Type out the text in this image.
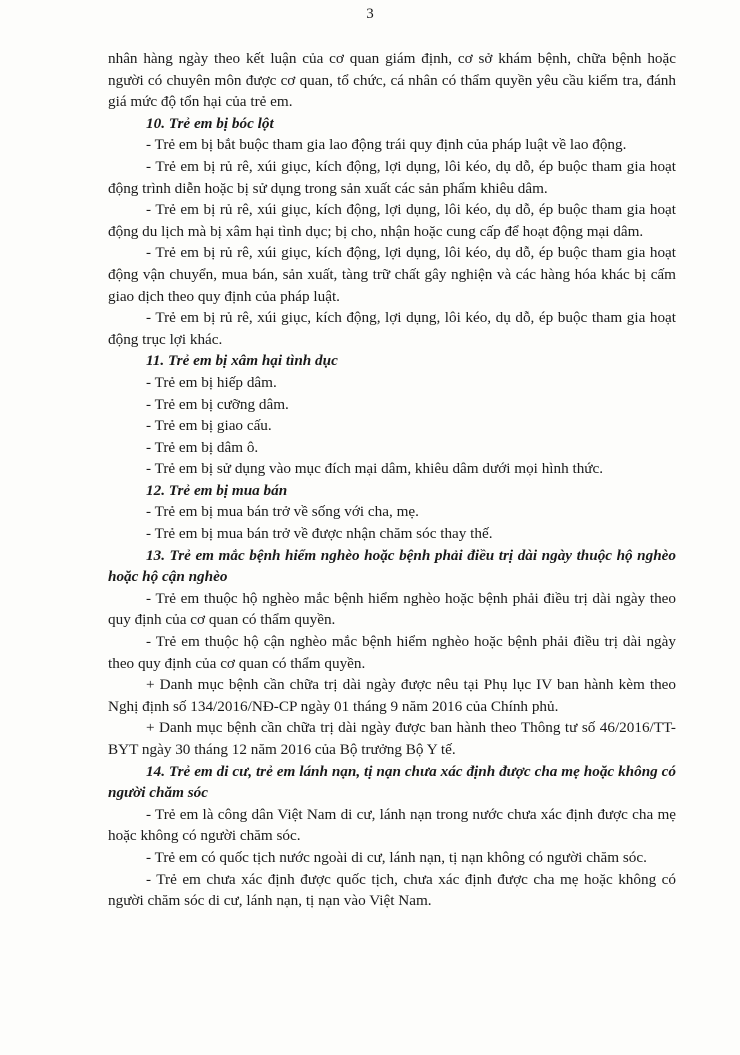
3

nhân hàng ngày theo kết luận của cơ quan giám định, cơ sở khám bệnh, chữa bệnh hoặc người có chuyên môn được cơ quan, tổ chức, cá nhân có thẩm quyền yêu cầu kiểm tra, đánh giá mức độ tổn hại của trẻ em.

10. Trẻ em bị bóc lột

- Trẻ em bị bắt buộc tham gia lao động trái quy định của pháp luật về lao động.

- Trẻ em bị rủ rê, xúi giục, kích động, lợi dụng, lôi kéo, dụ dỗ, ép buộc tham gia hoạt động trình diễn hoặc bị sử dụng trong sản xuất các sản phẩm khiêu dâm.

- Trẻ em bị rủ rê, xúi giục, kích động, lợi dụng, lôi kéo, dụ dỗ, ép buộc tham gia hoạt động du lịch mà bị xâm hại tình dục; bị cho, nhận hoặc cung cấp để hoạt động mại dâm.

- Trẻ em bị rủ rê, xúi giục, kích động, lợi dụng, lôi kéo, dụ dỗ, ép buộc tham gia hoạt động vận chuyển, mua bán, sản xuất, tàng trữ chất gây nghiện và các hàng hóa khác bị cấm giao dịch theo quy định của pháp luật.

- Trẻ em bị rủ rê, xúi giục, kích động, lợi dụng, lôi kéo, dụ dỗ, ép buộc tham gia hoạt động trục lợi khác.

11. Trẻ em bị xâm hại tình dục

- Trẻ em bị hiếp dâm.

- Trẻ em bị cưỡng dâm.

- Trẻ em bị giao cấu.

- Trẻ em bị dâm ô.

- Trẻ em bị sử dụng vào mục đích mại dâm, khiêu dâm dưới mọi hình thức.

12. Trẻ em bị mua bán

- Trẻ em bị mua bán trở về sống với cha, mẹ.

- Trẻ em bị mua bán trở về được nhận chăm sóc thay thế.

13. Trẻ em mắc bệnh hiểm nghèo hoặc bệnh phải điều trị dài ngày thuộc hộ nghèo hoặc hộ cận nghèo

- Trẻ em thuộc hộ nghèo mắc bệnh hiểm nghèo hoặc bệnh phải điều trị dài ngày theo quy định của cơ quan có thẩm quyền.

- Trẻ em thuộc hộ cận nghèo mắc bệnh hiểm nghèo hoặc bệnh phải điều trị dài ngày theo quy định của cơ quan có thẩm quyền.

+ Danh mục bệnh cần chữa trị dài ngày được nêu tại Phụ lục IV ban hành kèm theo Nghị định số 134/2016/NĐ-CP ngày 01 tháng 9 năm 2016 của Chính phủ.

+ Danh mục bệnh cần chữa trị dài ngày được ban hành theo Thông tư số 46/2016/TT-BYT ngày 30 tháng 12 năm 2016 của Bộ trưởng Bộ Y tế.

14. Trẻ em di cư, trẻ em lánh nạn, tị nạn chưa xác định được cha mẹ hoặc không có người chăm sóc

- Trẻ em là công dân Việt Nam di cư, lánh nạn trong nước chưa xác định được cha mẹ hoặc không có người chăm sóc.

- Trẻ em có quốc tịch nước ngoài di cư, lánh nạn, tị nạn không có người chăm sóc.

- Trẻ em chưa xác định được quốc tịch, chưa xác định được cha mẹ hoặc không có người chăm sóc di cư, lánh nạn, tị nạn vào Việt Nam.
